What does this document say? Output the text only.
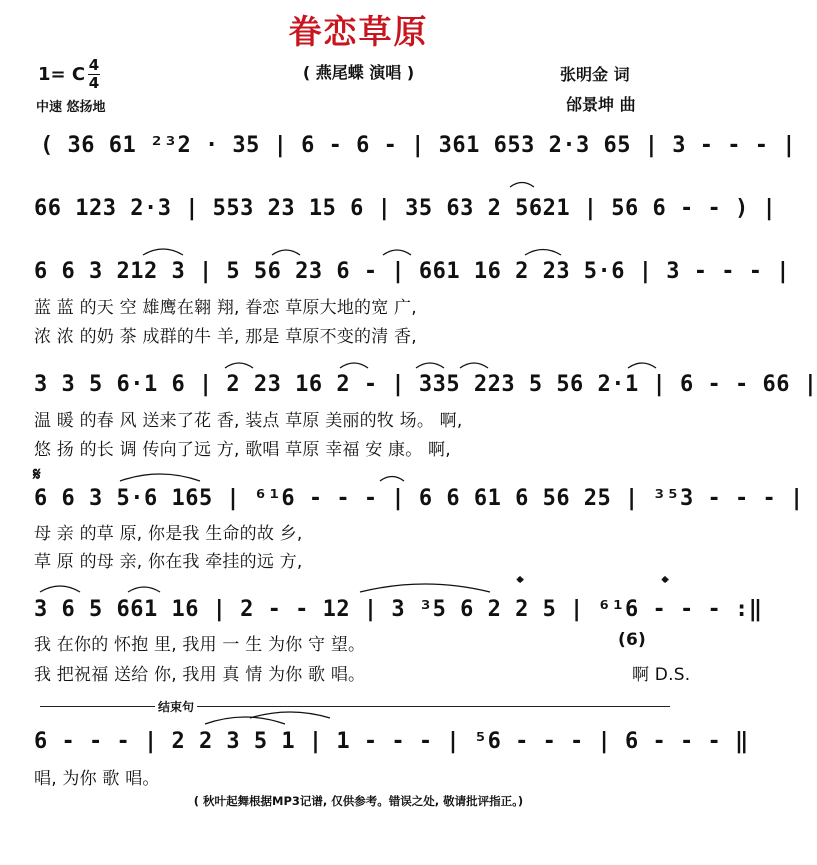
眷恋草原
( 燕尾蝶 演唱 )
1= C 4
4
中速 悠扬地
张明金 词
邰景坤 曲
( 36 61 ²³2 · 35 | 6 - 6 - | 361 653 2·3 65 | 3 - - - |
66 123 2·3 | 553 23 15 6 | 35 63 2 5621 | 56 6 - - ) |
6 6 3 212 3 | 5 56 23 6 - | 661 16 2 23 5·6 | 3 - - - |
蓝 蓝 的天 空 雄鹰在翱 翔, 眷恋 草原大地的宽 广,
浓 浓 的奶 茶 成群的牛 羊, 那是 草原不变的清 香,
3 3 5 6·1 6 | 2 23 16 2 - | 335 223 5 56 2·1 | 6 - - 66 |
温 暖 的春 风 送来了花 香, 装点 草原 美丽的牧 场。 啊,
悠 扬 的长 调 传向了远 方, 歌唱 草原 幸福 安 康。 啊,
𝄋
6 6 3 5·6 165 | ⁶¹6 - - - | 6 6 61 6 56 25 | ³⁵3 - - - |
母 亲 的草 原, 你是我 生命的故 乡,
草 原 的母 亲, 你在我 牵挂的远 方,
𝄌	𝄌
3 6 5 661 16 | 2 - - 12 | 3 ³5 6 2 2 5 | ⁶¹6 - - - :‖
我 在你的 怀抱 里, 我用 一 生 为你 守 望。	(6)
我 把祝福 送给 你, 我用 真 情 为你 歌 唱。	啊 D.S.
结束句
6 - - - | 2 2 3 5 1 | 1 - - - | ⁵6 - - - | 6 - - - ‖
唱, 为你 歌 唱。
( 秋叶起舞根据MP3记谱, 仅供参考。错误之处, 敬请批评指正。)
